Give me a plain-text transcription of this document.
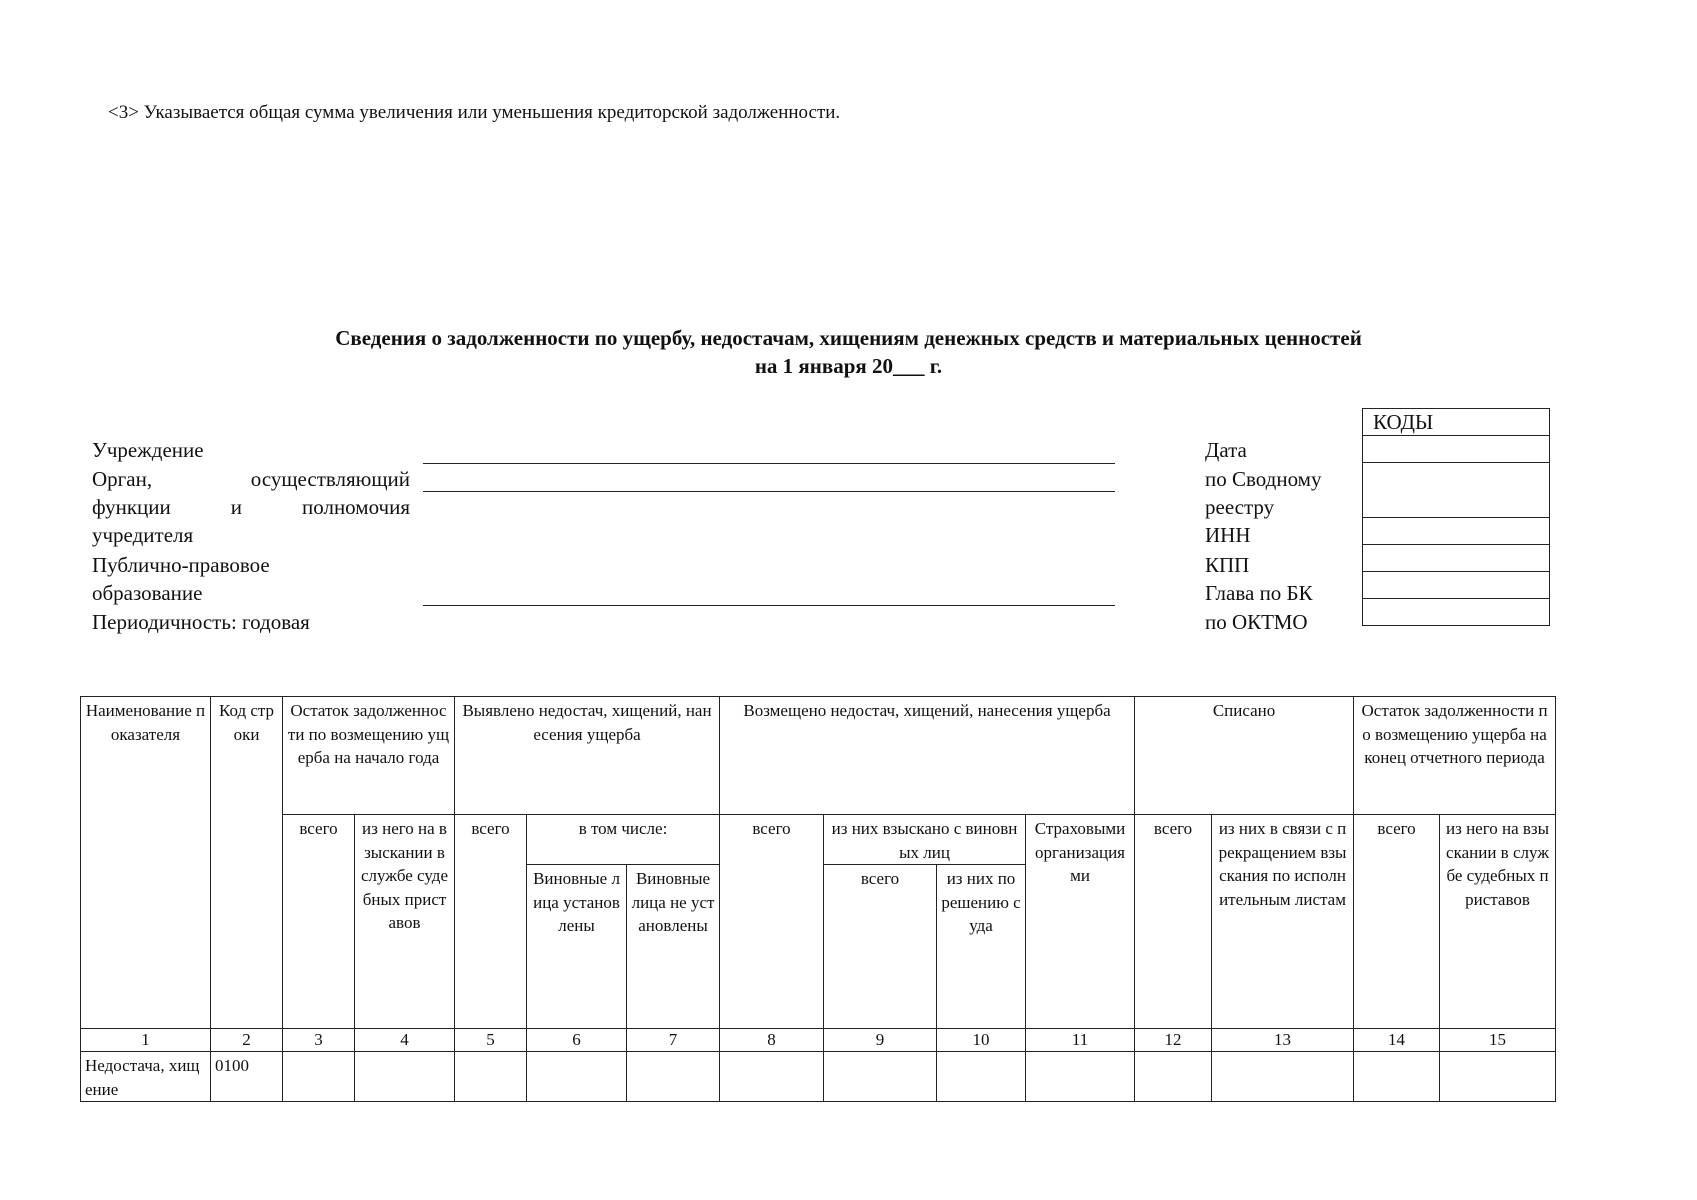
<3> Указывается общая сумма увеличения или уменьшения кредиторской задолженности.
Сведения о задолженности по ущербу, недостачам, хищениям денежных средств и материальных ценностей
на 1 января 20___ г.
Учреждение
Орган,	осуществляющий
функции	и	полномочия
учредителя
Публично-правовое
образование
Периодичность: годовая
Дата
по Сводному
реестру
ИНН
КПП
Глава по БК
по ОКТМО
КОДЫ

Наименование показателя	Код строки	Остаток задолженности по возмещению ущерба на начало года		Выявлено недостач, хищений, нанесения ущерба			Возмещено недостач, хищений, нанесения ущерба				Списано		Остаток задолженности по возмещению ущерба на конец отчетного периода	
		всего	из него на взыскании в службе судебных приставов	всего	в том числе:		всего	из них взыскано с виновных лиц		Страховыми организациями	всего	из них в связи с прекращением взыскания по исполнительным листам	всего	из него на взыскании в службе судебных приставов
					Виновные лица установлены	Виновные лица не установлены		всего	из них по решению суда					
1	2	3	4	5	6	7	8	9	10	11	12	13	14	15
Недостача, хищение	0100													
